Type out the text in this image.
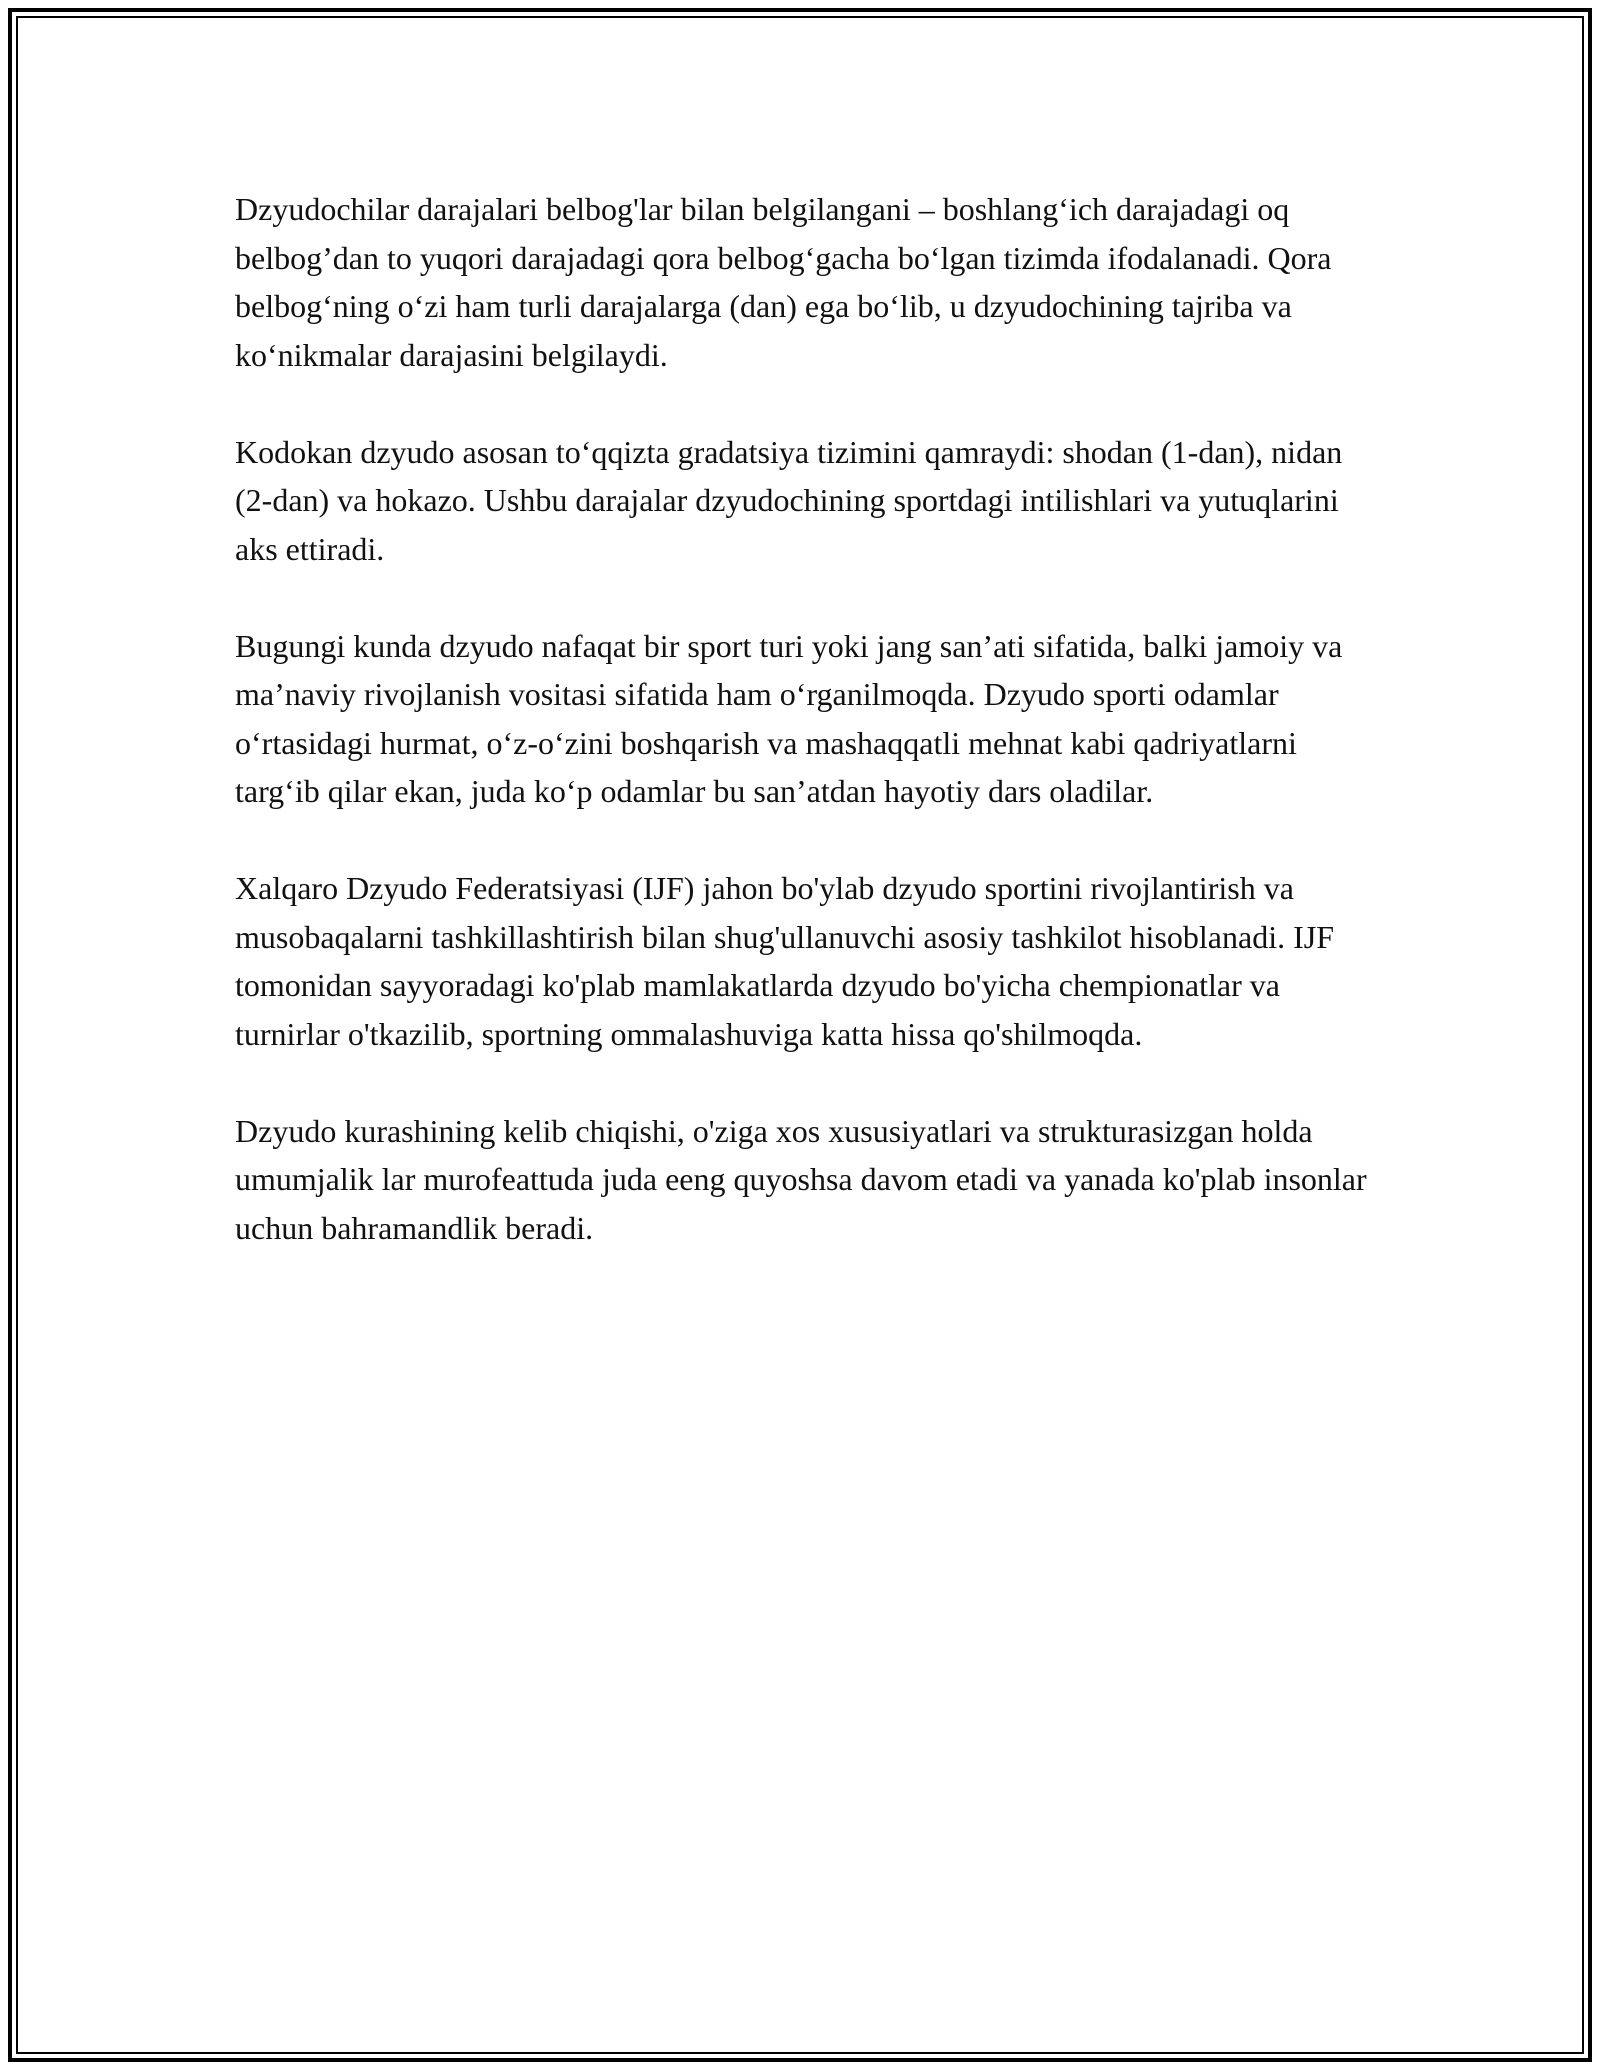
Dzyudochilar darajalari belbog'lar bilan belgilangani – boshlang‘ich darajadagi oq belbog’dan to yuqori darajadagi qora belbog‘gacha bo‘lgan tizimda ifodalanadi. Qora belbog‘ning o‘zi ham turli darajalarga (dan) ega bo‘lib, u dzyudochining tajriba va ko‘nikmalar darajasini belgilaydi.

Kodokan dzyudo asosan to‘qqizta gradatsiya tizimini qamraydi: shodan (1-dan), nidan (2-dan) va hokazo. Ushbu darajalar dzyudochining sportdagi intilishlari va yutuqlarini aks ettiradi.

Bugungi kunda dzyudo nafaqat bir sport turi yoki jang san’ati sifatida, balki jamoiy va ma’naviy rivojlanish vositasi sifatida ham o‘rganilmoqda. Dzyudo sporti odamlar o‘rtasidagi hurmat, o‘z-o‘zini boshqarish va mashaqqatli mehnat kabi qadriyatlarni targ‘ib qilar ekan, juda ko‘p odamlar bu san’atdan hayotiy dars oladilar.

Xalqaro Dzyudo Federatsiyasi (IJF) jahon bo'ylab dzyudo sportini rivojlantirish va musobaqalarni tashkillashtirish bilan shug'ullanuvchi asosiy tashkilot hisoblanadi. IJF tomonidan sayyoradagi ko'plab mamlakatlarda dzyudo bo'yicha chempionatlar va turnirlar o'tkazilib, sportning ommalashuviga katta hissa qo'shilmoqda.

Dzyudo kurashining kelib chiqishi, o'ziga xos xususiyatlari va strukturasizgan holda umumjalik lar murofeattuda juda eeng quyoshsa davom etadi va yanada ko'plab insonlar uchun bahramandlik beradi.
